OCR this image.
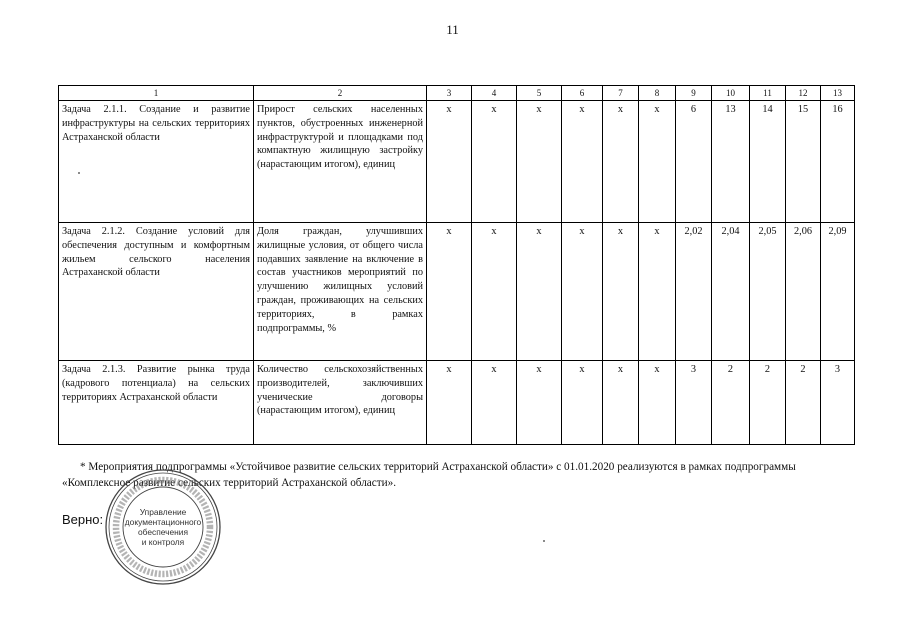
11
1	2	3	4	5	6	7	8	9	10	11	12	13
Задача 2.1.1. Создание и развитие инфраструктуры на сельских территориях Астраханской области	Прирост сельских населенных пунктов, обустроенных инженерной инфраструктурой и площадками под компактную жилищную застройку (нарастающим итогом), единиц	x	x	x	x	x	x	6	13	14	15	16
Задача 2.1.2. Создание условий для обеспечения доступным и комфортным жильем сельского населения Астраханской области	Доля граждан, улучшивших жилищные условия, от общего числа подавших заявление на включение в состав участников мероприятий по улучшению жилищных условий граждан, проживающих на сельских территориях, в рамках подпрограммы, %	x	x	x	x	x	x	2,02	2,04	2,05	2,06	2,09
Задача 2.1.3. Развитие рынка труда (кадрового потенциала) на сельских территориях Астраханской области	Количество сельскохозяйственных производителей, заключивших ученические договоры (нарастающим итогом), единиц	x	x	x	x	x	x	3	2	2	2	3
* Мероприятия подпрограммы «Устойчивое развитие сельских территорий Астраханской области» с 01.01.2020 реализуются в рамках подпрограммы «Комплексное развитие сельских территорий Астраханской области».
Верно:	Управление
документационного
обеспечения
и контроля
